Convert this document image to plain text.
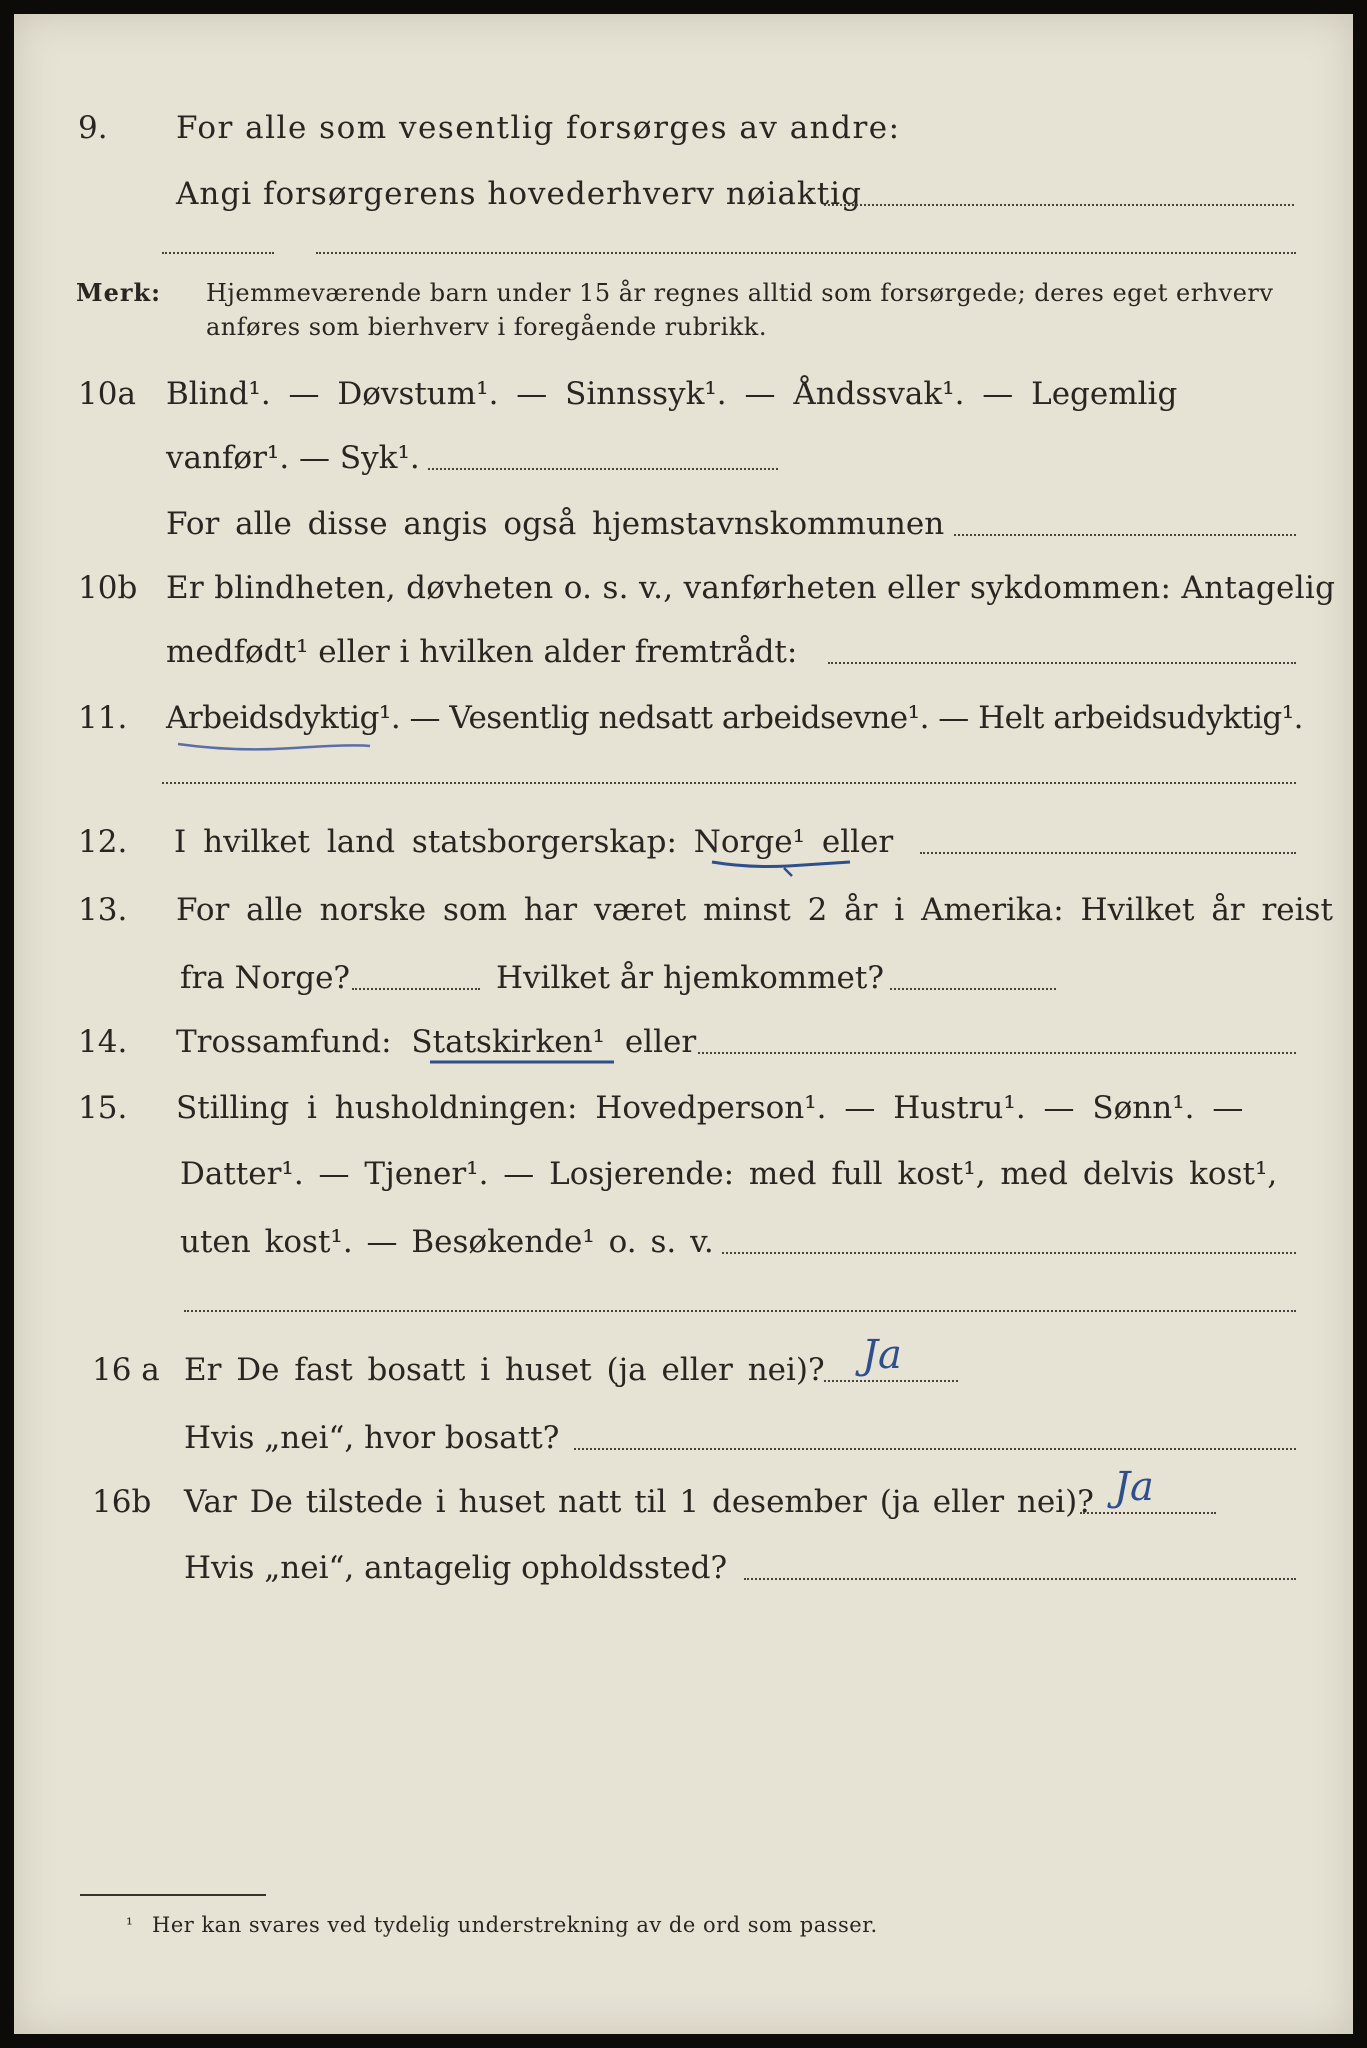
9. For alle som vesentlig forsørges av andre:
Angi forsørgerens hovederhverv nøiaktig
Merk: Hjemmeværende barn under 15 år regnes alltid som forsørgede; deres eget erhverv
anføres som bierhverv i foregående rubrikk.
10a Blind¹. — Døvstum¹. — Sinnssyk¹. — Åndssvak¹. — Legemlig
vanfør¹. — Syk¹.
For alle disse angis også hjemstavnskommunen
10b Er blindheten, døvheten o. s. v., vanførheten eller sykdommen: Antagelig
medfødt¹ eller i hvilken alder fremtrådt:
11. Arbeidsdyktig¹. — Vesentlig nedsatt arbeidsevne¹. — Helt arbeidsudyktig¹.
12. I hvilket land statsborgerskap: Norge¹ eller
13. For alle norske som har været minst 2 år i Amerika: Hvilket år reist
fra Norge?	Hvilket år hjemkommet?
14. Trossamfund: Statskirken¹ eller
15. Stilling i husholdningen: Hovedperson¹. — Hustru¹. — Sønn¹. —
Datter¹. — Tjener¹. — Losjerende: med full kost¹, med delvis kost¹,
uten kost¹. — Besøkende¹ o. s. v.
16 a Er De fast bosatt i huset (ja eller nei)? Ja
Hvis „nei“, hvor bosatt?
16b Var De tilstede i huset natt til 1 desember (ja eller nei)? Ja
Hvis „nei“, antagelig opholdssted?
¹ Her kan svares ved tydelig understrekning av de ord som passer.
